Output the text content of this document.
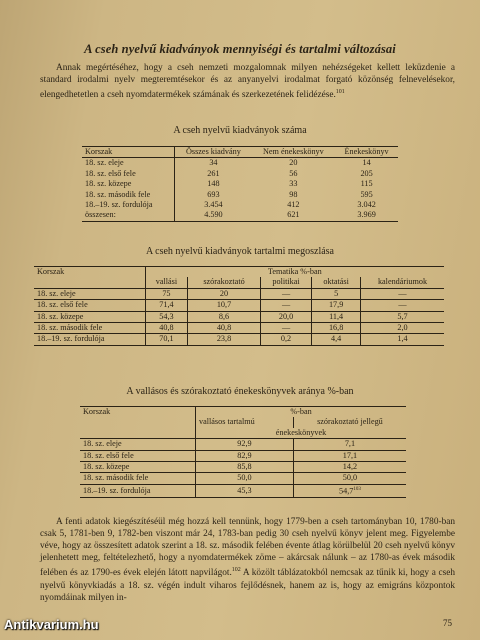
A cseh nyelvű kiadványok mennyiségi és tartalmi változásai
Annak megértéséhez, hogy a cseh nemzeti mozgalomnak milyen nehézségeket kellett leküzdenie a standard irodalmi nyelv megteremtésekor és az anyanyelvi irodalmat forgató közönség felnevelésekor, elengedhetetlen a cseh nyomdatermékek számának és szerkezetének felidézése.$^{101}$
A cseh nyelvű kiadványok száma
Korszak	Összes kiadvány	Nem énekeskönyv	Énekeskönyv
18. sz. eleje	34	20	14
18. sz. első fele	261	56	205
18. sz. közepe	148	33	115
18. sz. második fele	693	98	595
18.–19. sz. fordulója	3.454	412	3.042
összesen:	4.590	621	3.969
A cseh nyelvű kiadványok tartalmi megoszlása
Korszak	Tematika %-ban				
	vallási	szórakoztató	politikai	oktatási	kalendáriumok
18. sz. eleje	75	20	—	5	—
18. sz. első fele	71,4	10,7	—	17,9	—
18. sz. közepe	54,3	8,6	20,0	11,4	5,7
18. sz. második fele	40,8	40,8	—	16,8	2,0
18.–19. sz. fordulója	70,1	23,8	0,2	4,4	1,4
A vallásos és szórakoztató énekeskönyvek aránya %-ban
Korszak	%-ban	
	vallásos tartalmú	szórakoztató jellegű
	énekeskönyvek	
18. sz. eleje	92,9	7,1
18. sz. első fele	82,9	17,1
18. sz. közepe	85,8	14,2
18. sz. második fele	50,0	50,0
18.–19. sz. fordulója	45,3	54,7$^{103}$
A fenti adatok kiegészítéséül még hozzá kell tennünk, hogy 1779-ben a cseh tartományban 10, 1780-ban csak 5, 1781-ben 9, 1782-ben viszont már 24, 1783-ban pedig 30 cseh nyelvű könyv jelent meg. Figyelembe véve, hogy az összesített adatok szerint a 18. sz. második felében évente átlag körülbelül 20 cseh nyelvű könyv jelenhetett meg, feltételezhető, hogy a nyomdatermékek zöme – akárcsak nálunk – az 1780-as évek második felében és az 1790-es évek elején látott napvilágot.$^{102}$ A közölt táblázatokból nemcsak az tűnik ki, hogy a cseh nyelvű könyvkiadás a 18. sz. végén indult viharos fejlődésnek, hanem az is, hogy az emigráns központok nyomdáinak milyen in-
75
Antikvarium.hu
